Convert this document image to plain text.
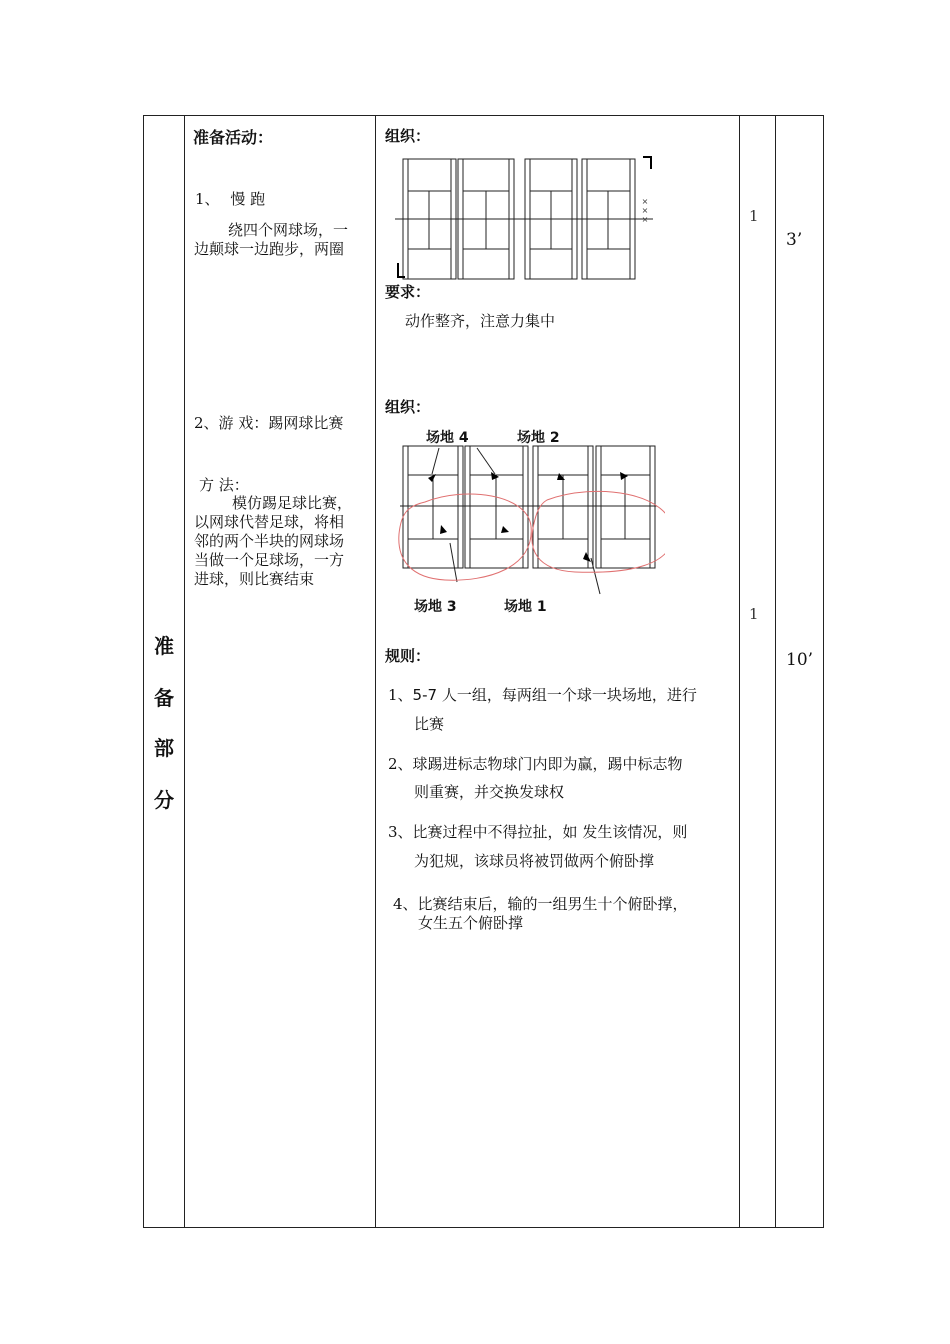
准
备
部
分
准备活动：
1、 慢 跑
绕四个网球场，一
边颠球一边跑步，两圈
2、游 戏：踢网球比赛
方 法：
模仿踢足球比赛，
以网球代替足球，将相
邻的两个半块的网球场
当做一个足球场，一方
进球，则比赛结束
组织：
×××
要求：
动作整齐，注意力集中
组织：
场地 4	场地 2
场地 3	场地 1
规则：
1、5-7 人一组，每两组一个球一块场地，进行
比赛
2、球踢进标志物球门内即为赢，踢中标志物
则重赛，并交换发球权
3、比赛过程中不得拉扯，如 发生该情况，则
为犯规，该球员将被罚做两个俯卧撑
4、比赛结束后，输的一组男生十个俯卧撑，
女生五个俯卧撑
1
1
3’
10’
